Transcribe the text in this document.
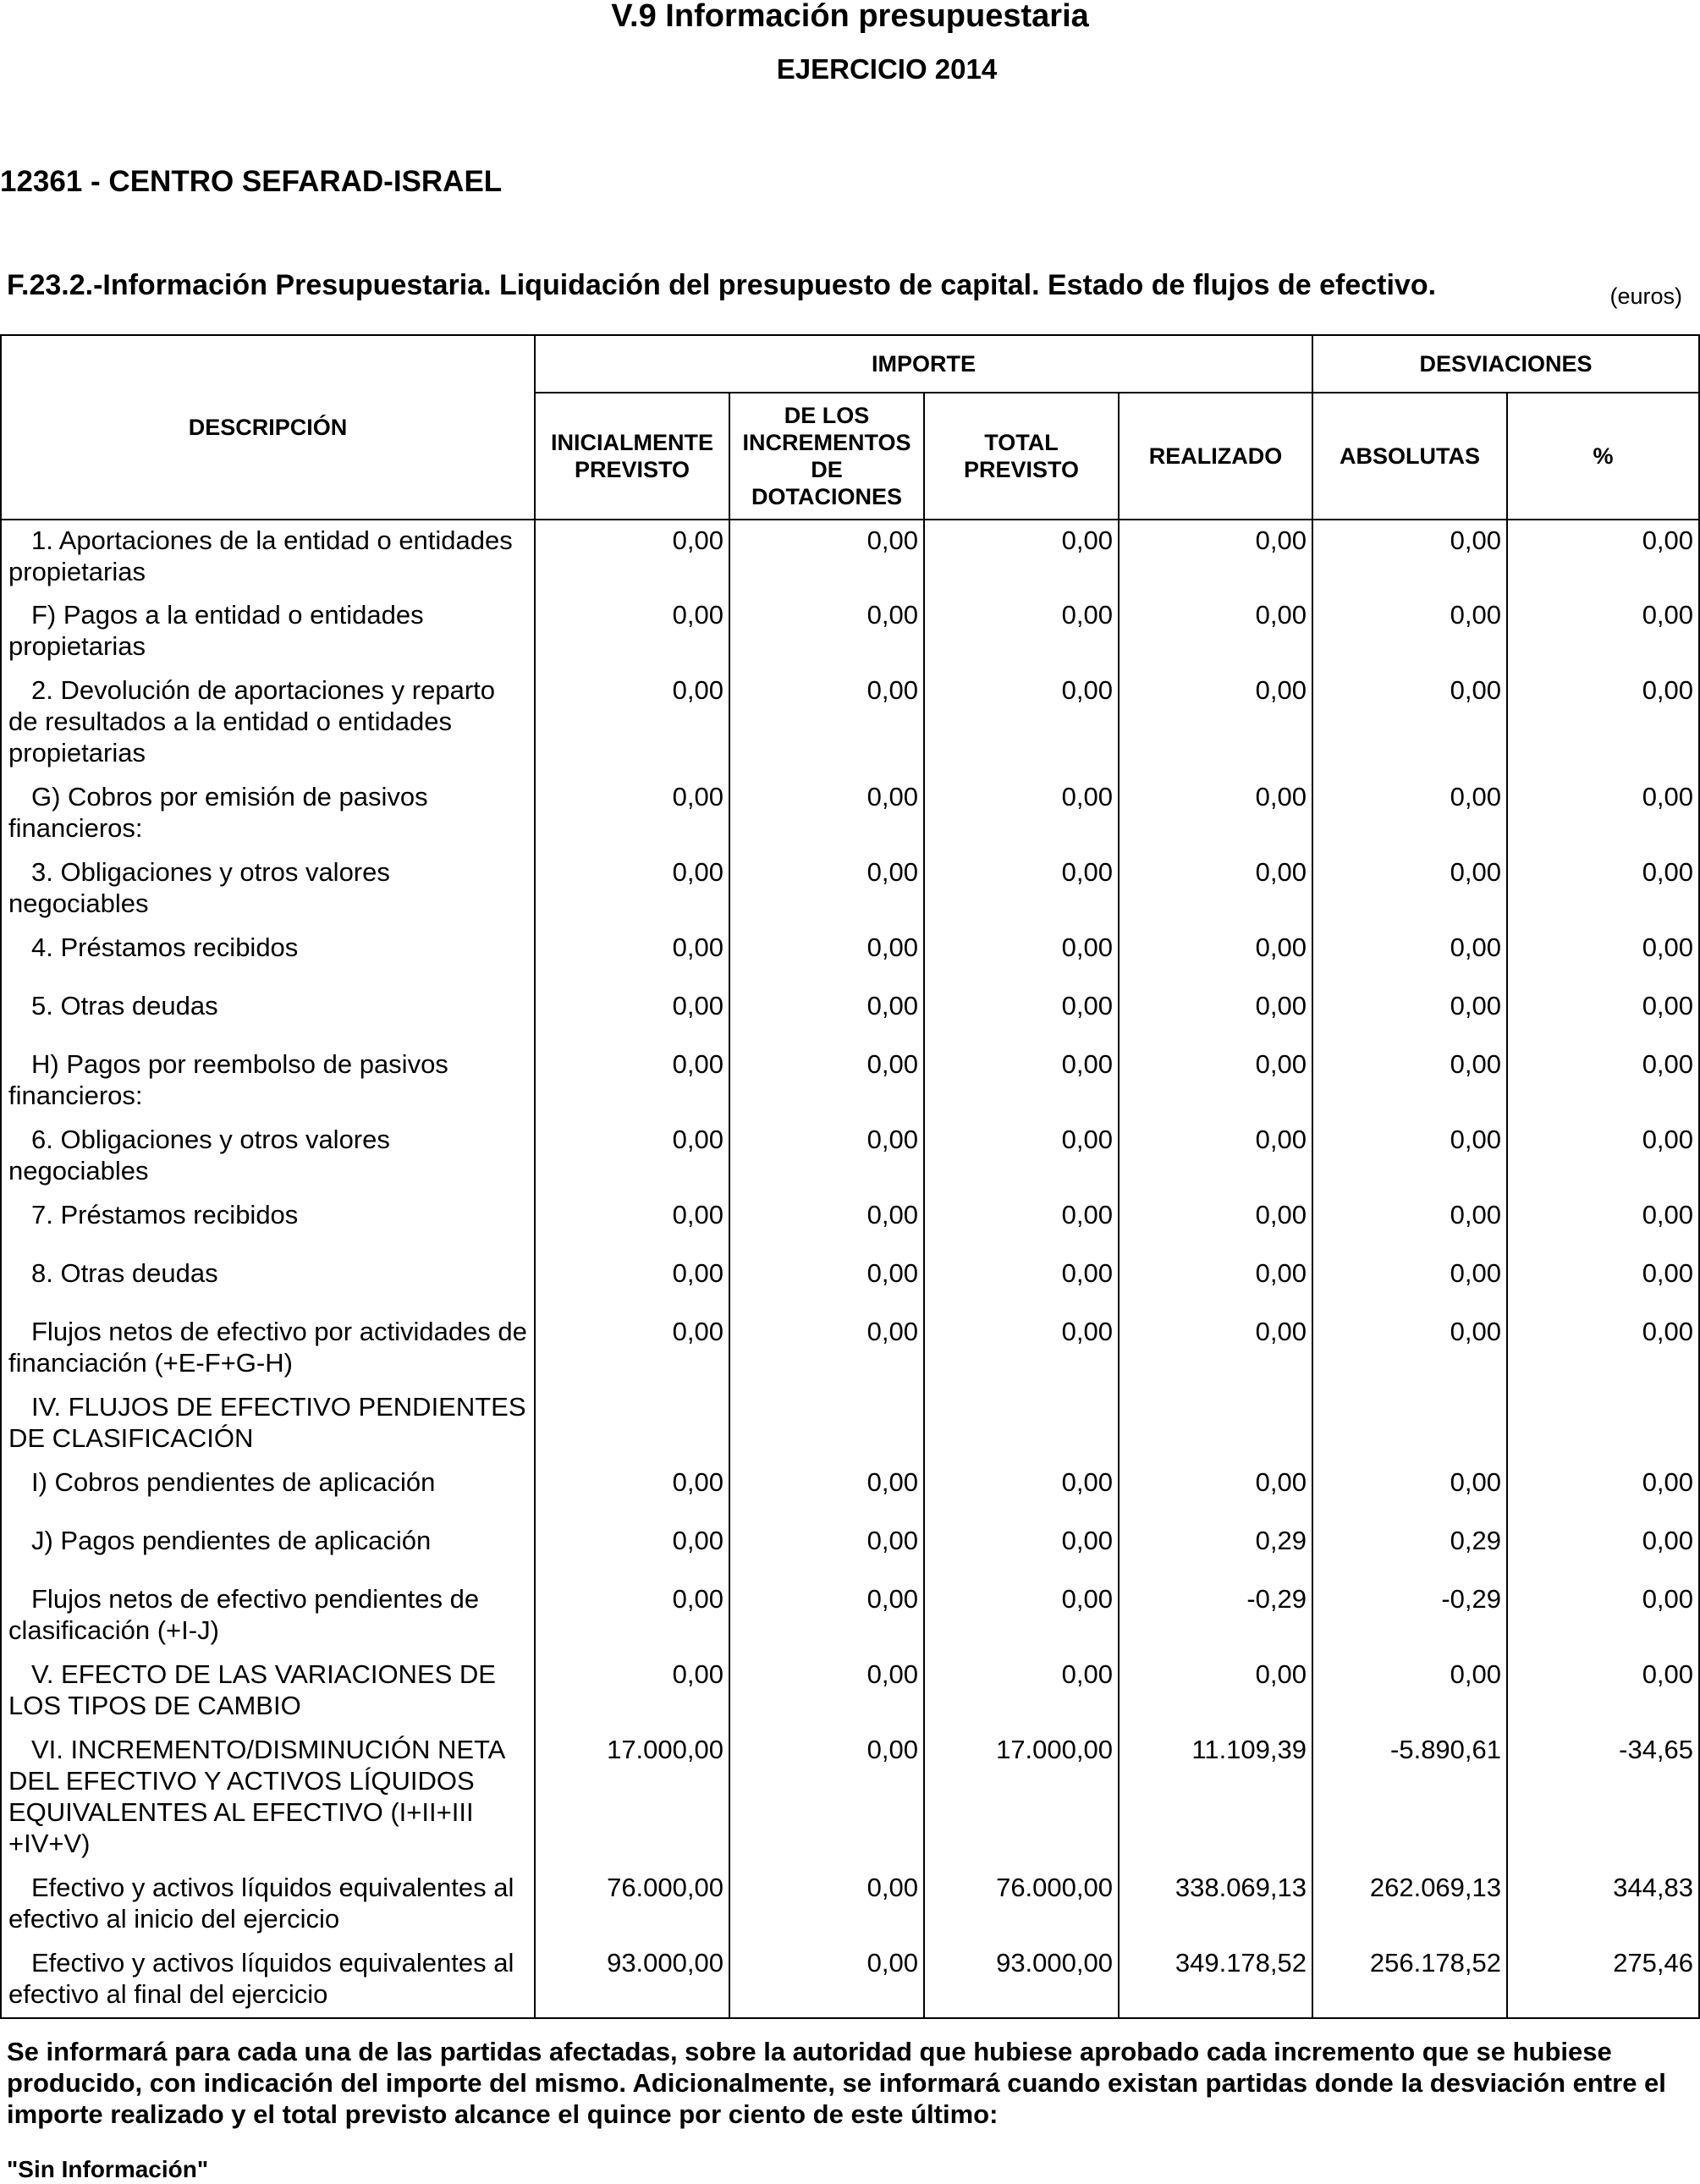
V.9 Información presupuestaria
EJERCICIO 2014
12361 - CENTRO SEFARAD-ISRAEL
F.23.2.-Información Presupuestaria. Liquidación del presupuesto de capital. Estado de flujos de efectivo.	(euros)
DESCRIPCIÓN	IMPORTE				DESVIACIONES	
	INICIALMENTE PREVISTO	DE LOS INCREMENTOS DE DOTACIONES	TOTAL PREVISTO	REALIZADO	ABSOLUTAS	%
1. Aportaciones de la entidad o entidades propietarias	0,00	0,00	0,00	0,00	0,00	0,00
F) Pagos a la entidad o entidades propietarias	0,00	0,00	0,00	0,00	0,00	0,00
2. Devolución de aportaciones y reparto de resultados a la entidad o entidades propietarias	0,00	0,00	0,00	0,00	0,00	0,00
G) Cobros por emisión de pasivos financieros:	0,00	0,00	0,00	0,00	0,00	0,00
3. Obligaciones y otros valores negociables	0,00	0,00	0,00	0,00	0,00	0,00
4. Préstamos recibidos	0,00	0,00	0,00	0,00	0,00	0,00
5. Otras deudas	0,00	0,00	0,00	0,00	0,00	0,00
H) Pagos por reembolso de pasivos financieros:	0,00	0,00	0,00	0,00	0,00	0,00
6. Obligaciones y otros valores negociables	0,00	0,00	0,00	0,00	0,00	0,00
7. Préstamos recibidos	0,00	0,00	0,00	0,00	0,00	0,00
8. Otras deudas	0,00	0,00	0,00	0,00	0,00	0,00
Flujos netos de efectivo por actividades de financiación (+E-F+G-H)	0,00	0,00	0,00	0,00	0,00	0,00
IV. FLUJOS DE EFECTIVO PENDIENTES DE CLASIFICACIÓN						
I) Cobros pendientes de aplicación	0,00	0,00	0,00	0,00	0,00	0,00
J) Pagos pendientes de aplicación	0,00	0,00	0,00	0,29	0,29	0,00
Flujos netos de efectivo pendientes de clasificación (+I-J)	0,00	0,00	0,00	-0,29	-0,29	0,00
V. EFECTO DE LAS VARIACIONES DE LOS TIPOS DE CAMBIO	0,00	0,00	0,00	0,00	0,00	0,00
VI. INCREMENTO/DISMINUCIÓN NETA DEL EFECTIVO Y ACTIVOS LÍQUIDOS EQUIVALENTES AL EFECTIVO (I+II+III +IV+V)	17.000,00	0,00	17.000,00	11.109,39	-5.890,61	-34,65
Efectivo y activos líquidos equivalentes al efectivo al inicio del ejercicio	76.000,00	0,00	76.000,00	338.069,13	262.069,13	344,83
Efectivo y activos líquidos equivalentes al efectivo al final del ejercicio	93.000,00	0,00	93.000,00	349.178,52	256.178,52	275,46
Se informará para cada una de las partidas afectadas, sobre la autoridad que hubiese aprobado cada incremento que se hubiese producido, con indicación del importe del mismo. Adicionalmente, se informará cuando existan partidas donde la desviación entre el importe realizado y el total previsto alcance el quince por ciento de este último:
"Sin Información"
